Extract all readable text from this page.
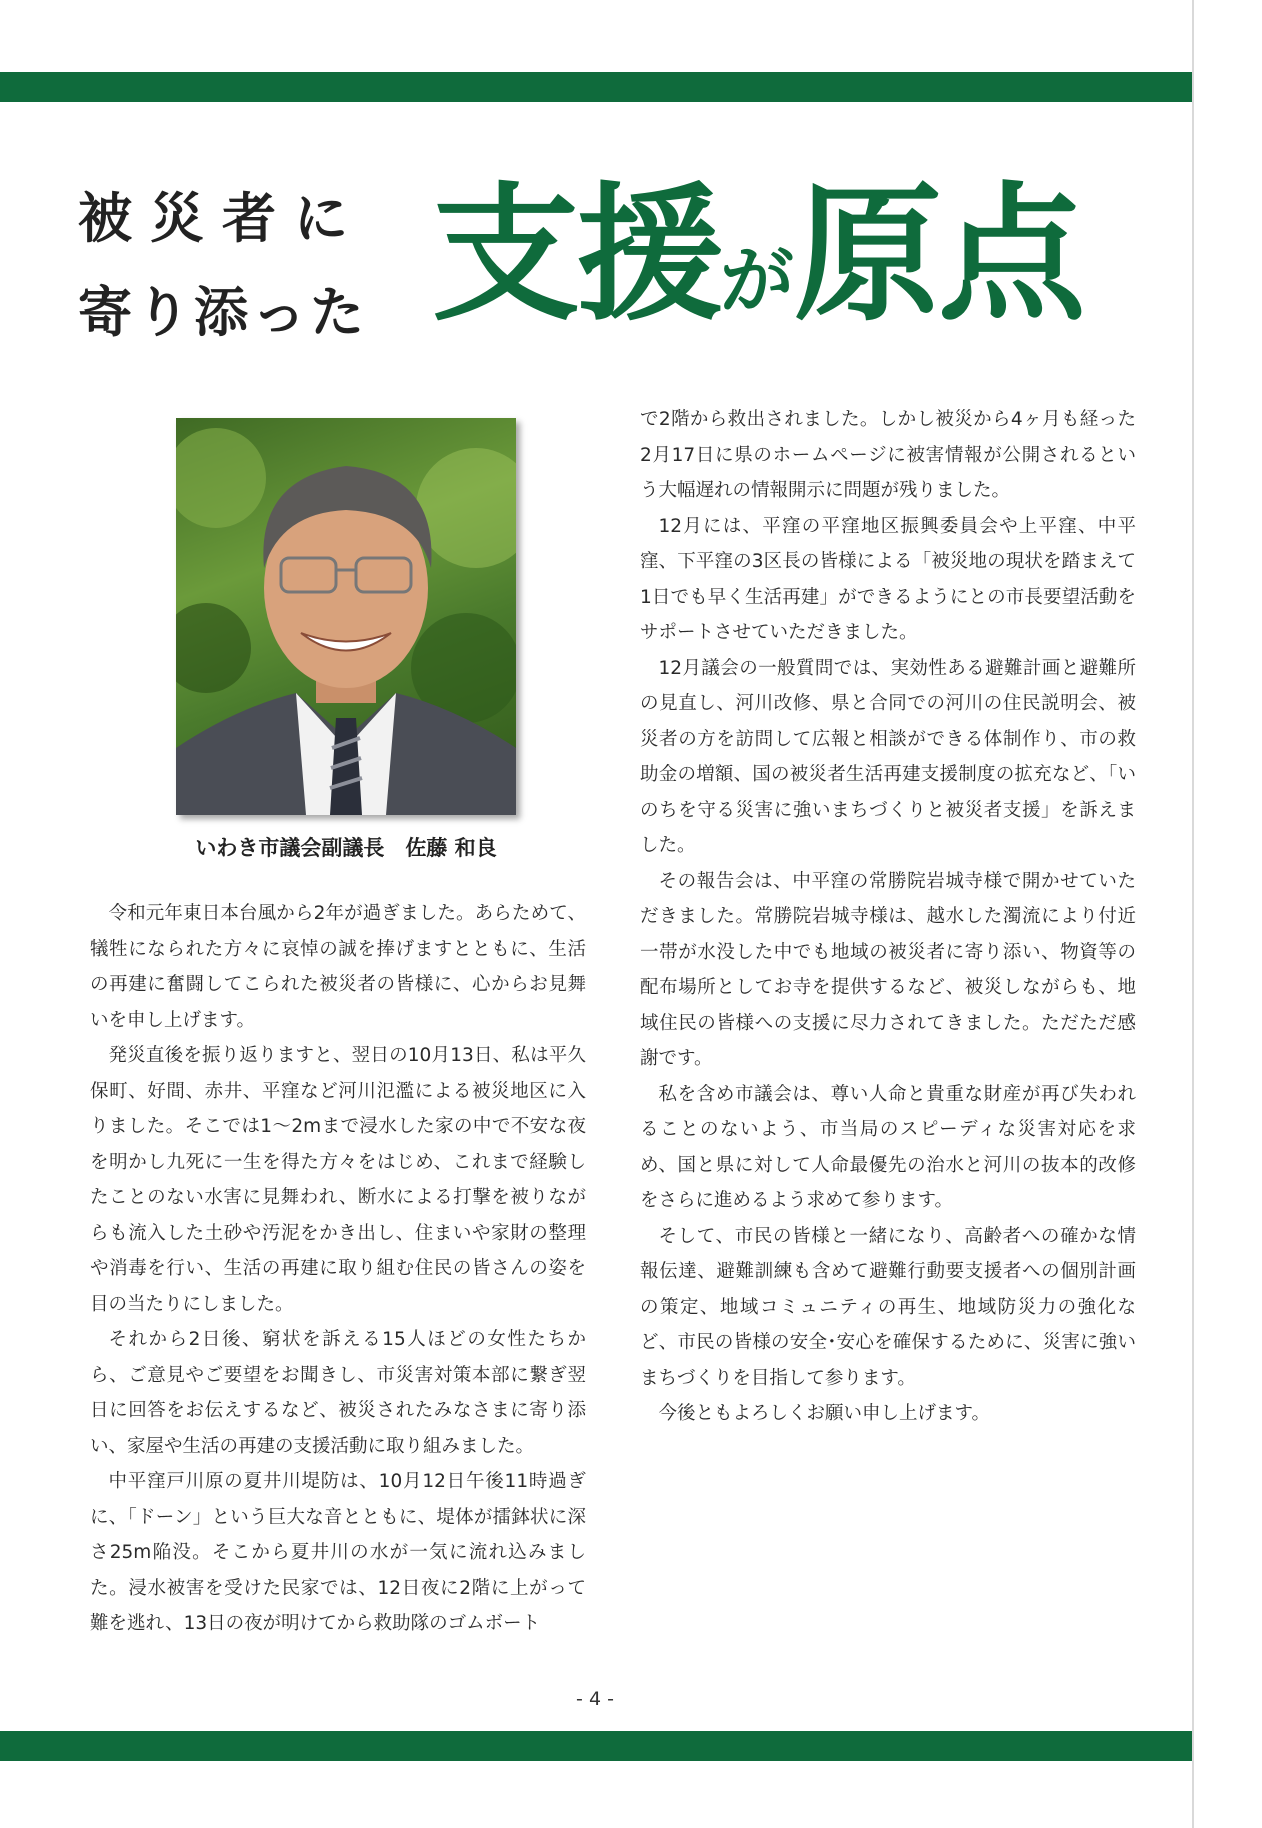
被災者に
寄り添った 支援が原点
いわき市議会副議長　佐藤 和良

令和元年東日本台風から2年が過ぎました。あらためて、犠牲になられた方々に哀悼の誠を捧げますとともに、生活の再建に奮闘してこられた被災者の皆様に、心からお見舞いを申し上げます。

発災直後を振り返りますと、翌日の10月13日、私は平久保町、好間、赤井、平窪など河川氾濫による被災地区に入りました。そこでは1～2mまで浸水した家の中で不安な夜を明かし九死に一生を得た方々をはじめ、これまで経験したことのない水害に見舞われ、断水による打撃を被りながらも流入した土砂や汚泥をかき出し、住まいや家財の整理や消毒を行い、生活の再建に取り組む住民の皆さんの姿を目の当たりにしました。

それから2日後、窮状を訴える15人ほどの女性たちから、ご意見やご要望をお聞きし、市災害対策本部に繋ぎ翌日に回答をお伝えするなど、被災されたみなさまに寄り添い、家屋や生活の再建の支援活動に取り組みました。

中平窪戸川原の夏井川堤防は、10月12日午後11時過ぎに、「ドーン」という巨大な音とともに、堤体が擂鉢状に深さ25m陥没。そこから夏井川の水が一気に流れ込みました。浸水被害を受けた民家では、12日夜に2階に上がって難を逃れ、13日の夜が明けてから救助隊のゴムボート

で2階から救出されました。しかし被災から4ヶ月も経った2月17日に県のホームページに被害情報が公開されるという大幅遅れの情報開示に問題が残りました。

12月には、平窪の平窪地区振興委員会や上平窪、中平窪、下平窪の3区長の皆様による「被災地の現状を踏まえて1日でも早く生活再建」ができるようにとの市長要望活動をサポートさせていただきました。

12月議会の一般質問では、実効性ある避難計画と避難所の見直し、河川改修、県と合同での河川の住民説明会、被災者の方を訪問して広報と相談ができる体制作り、市の救助金の増額、国の被災者生活再建支援制度の拡充など、「いのちを守る災害に強いまちづくりと被災者支援」を訴えました。

その報告会は、中平窪の常勝院岩城寺様で開かせていただきました。常勝院岩城寺様は、越水した濁流により付近一帯が水没した中でも地域の被災者に寄り添い、物資等の配布場所としてお寺を提供するなど、被災しながらも、地域住民の皆様への支援に尽力されてきました。ただただ感謝です。

私を含め市議会は、尊い人命と貴重な財産が再び失われることのないよう、市当局のスピーディな災害対応を求め、国と県に対して人命最優先の治水と河川の抜本的改修をさらに進めるよう求めて参ります。

そして、市民の皆様と一緒になり、高齢者への確かな情報伝達、避難訓練も含めて避難行動要支援者への個別計画の策定、地域コミュニティの再生、地域防災力の強化など、市民の皆様の安全･安心を確保するために、災害に強いまちづくりを目指して参ります。

今後ともよろしくお願い申し上げます。

- 4 -
